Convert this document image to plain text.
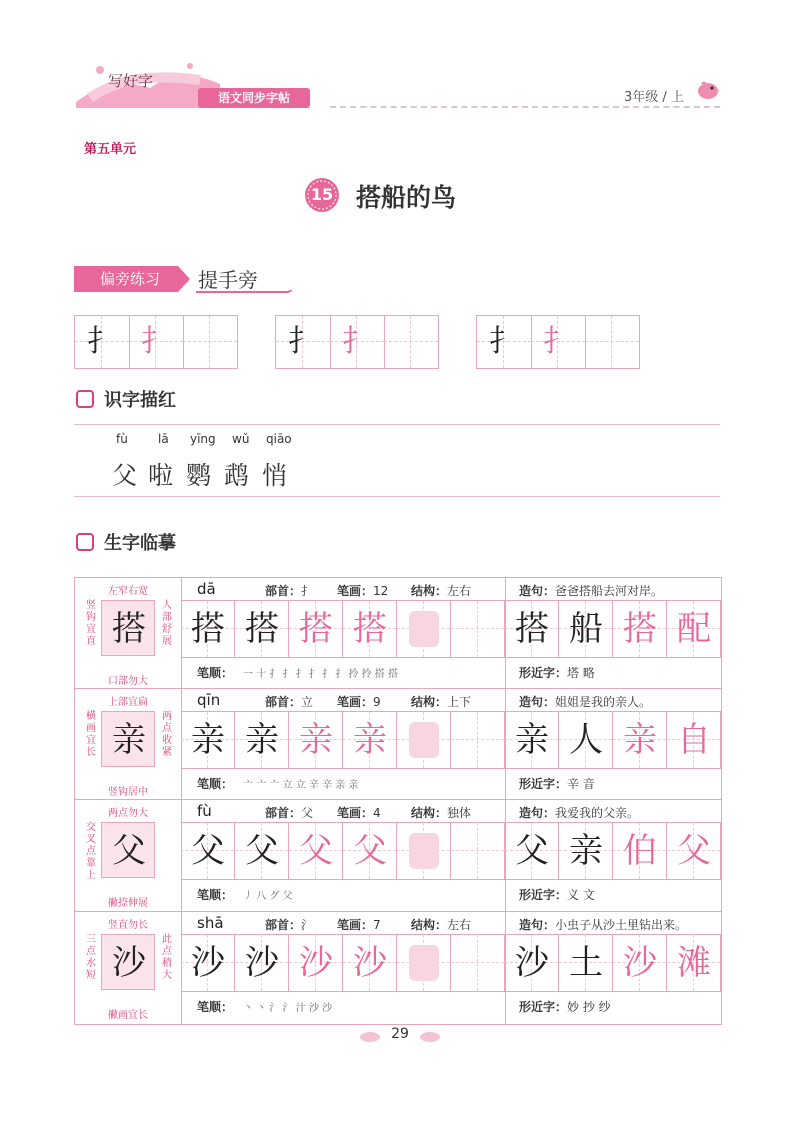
写好字
语文同步字帖	3年级 / 上
第五单元
15 搭船的鸟
偏旁练习	提手旁
扌 扌	扌 扌	扌 扌
识字描红
fù	lā yīng wǔ qiāo
父 啦 鹦 鹉 悄
生字临摹
左窄右宽
竖钩宜直 搭
人部舒展
口部勿大
dā	部首：扌 笔画：12 结构：左右	造句：爸爸搭船去河对岸。
搭 搭 搭 搭	搭 船 搭 配
笔顺： 一 十 扌 扌 扌 扌 扌 扌 拎 拎 搭 搭	形近字：塔 略
上部宜扁
横画宜长 亲
两点收紧
竖钩居中
qīn	部首：立 笔画：9	结构：上下	造句：姐姐是我的亲人。
亲 亲 亲 亲	亲 人 亲 自
笔顺： 亠 亠 亠 立 立 辛 辛 亲 亲	形近字：辛 音
两点勿大
交叉点靠上
父
撇捺伸展
fù	部首：父 笔画：4	结构：独体	造句：我爱我的父亲。
父 父 父 父	父 亲 伯 父
笔顺： 丿 八 グ 父	形近字：义 文
竖直勿长
三点水短 沙
此点稍大
撇画宜长
shā	部首：氵 笔画：7	结构：左右	造句：小虫子从沙土里钻出来。
沙 沙 沙 沙	沙 土 沙 滩
笔顺： 丶 丶 氵 氵 汁 沙 沙	形近字：妙 抄 纱
29
